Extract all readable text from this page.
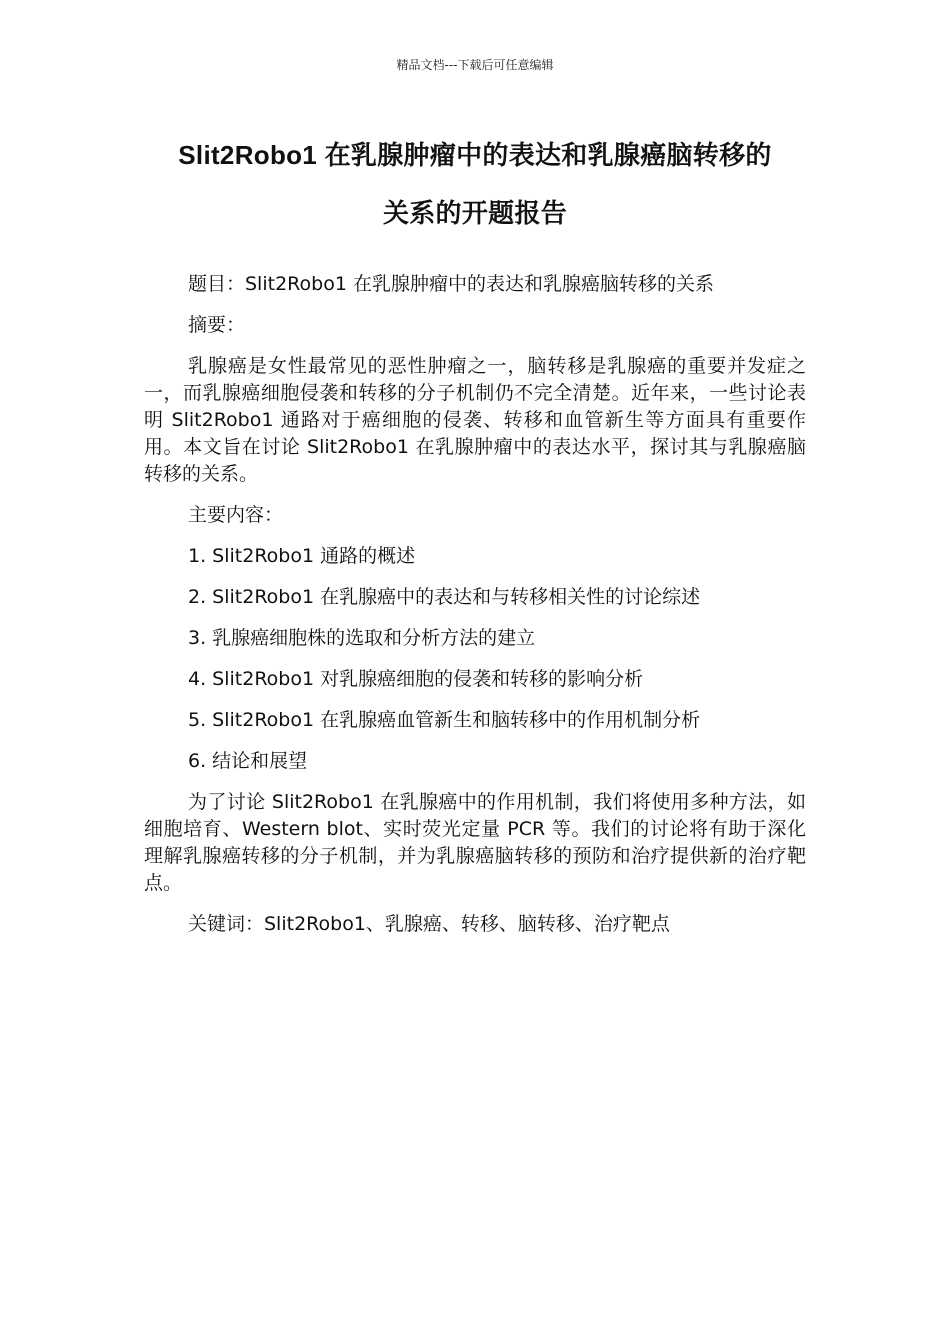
精品文档---下载后可任意编辑
Slit2Robo1 在乳腺肿瘤中的表达和乳腺癌脑转移的
关系的开题报告

题目：Slit2Robo1 在乳腺肿瘤中的表达和乳腺癌脑转移的关系

摘要：

乳腺癌是女性最常见的恶性肿瘤之一，脑转移是乳腺癌的重要并发症之一，而乳腺癌细胞侵袭和转移的分子机制仍不完全清楚。近年来，一些讨论表明 Slit2Robo1 通路对于癌细胞的侵袭、转移和血管新生等方面具有重要作用。本文旨在讨论 Slit2Robo1 在乳腺肿瘤中的表达水平，探讨其与乳腺癌脑转移的关系。

主要内容：

1. Slit2Robo1 通路的概述

2. Slit2Robo1 在乳腺癌中的表达和与转移相关性的讨论综述

3. 乳腺癌细胞株的选取和分析方法的建立

4. Slit2Robo1 对乳腺癌细胞的侵袭和转移的影响分析

5. Slit2Robo1 在乳腺癌血管新生和脑转移中的作用机制分析

6. 结论和展望

为了讨论 Slit2Robo1 在乳腺癌中的作用机制，我们将使用多种方法，如细胞培育、Western blot、实时荧光定量 PCR 等。我们的讨论将有助于深化理解乳腺癌转移的分子机制，并为乳腺癌脑转移的预防和治疗提供新的治疗靶点。

关键词：Slit2Robo1、乳腺癌、转移、脑转移、治疗靶点
